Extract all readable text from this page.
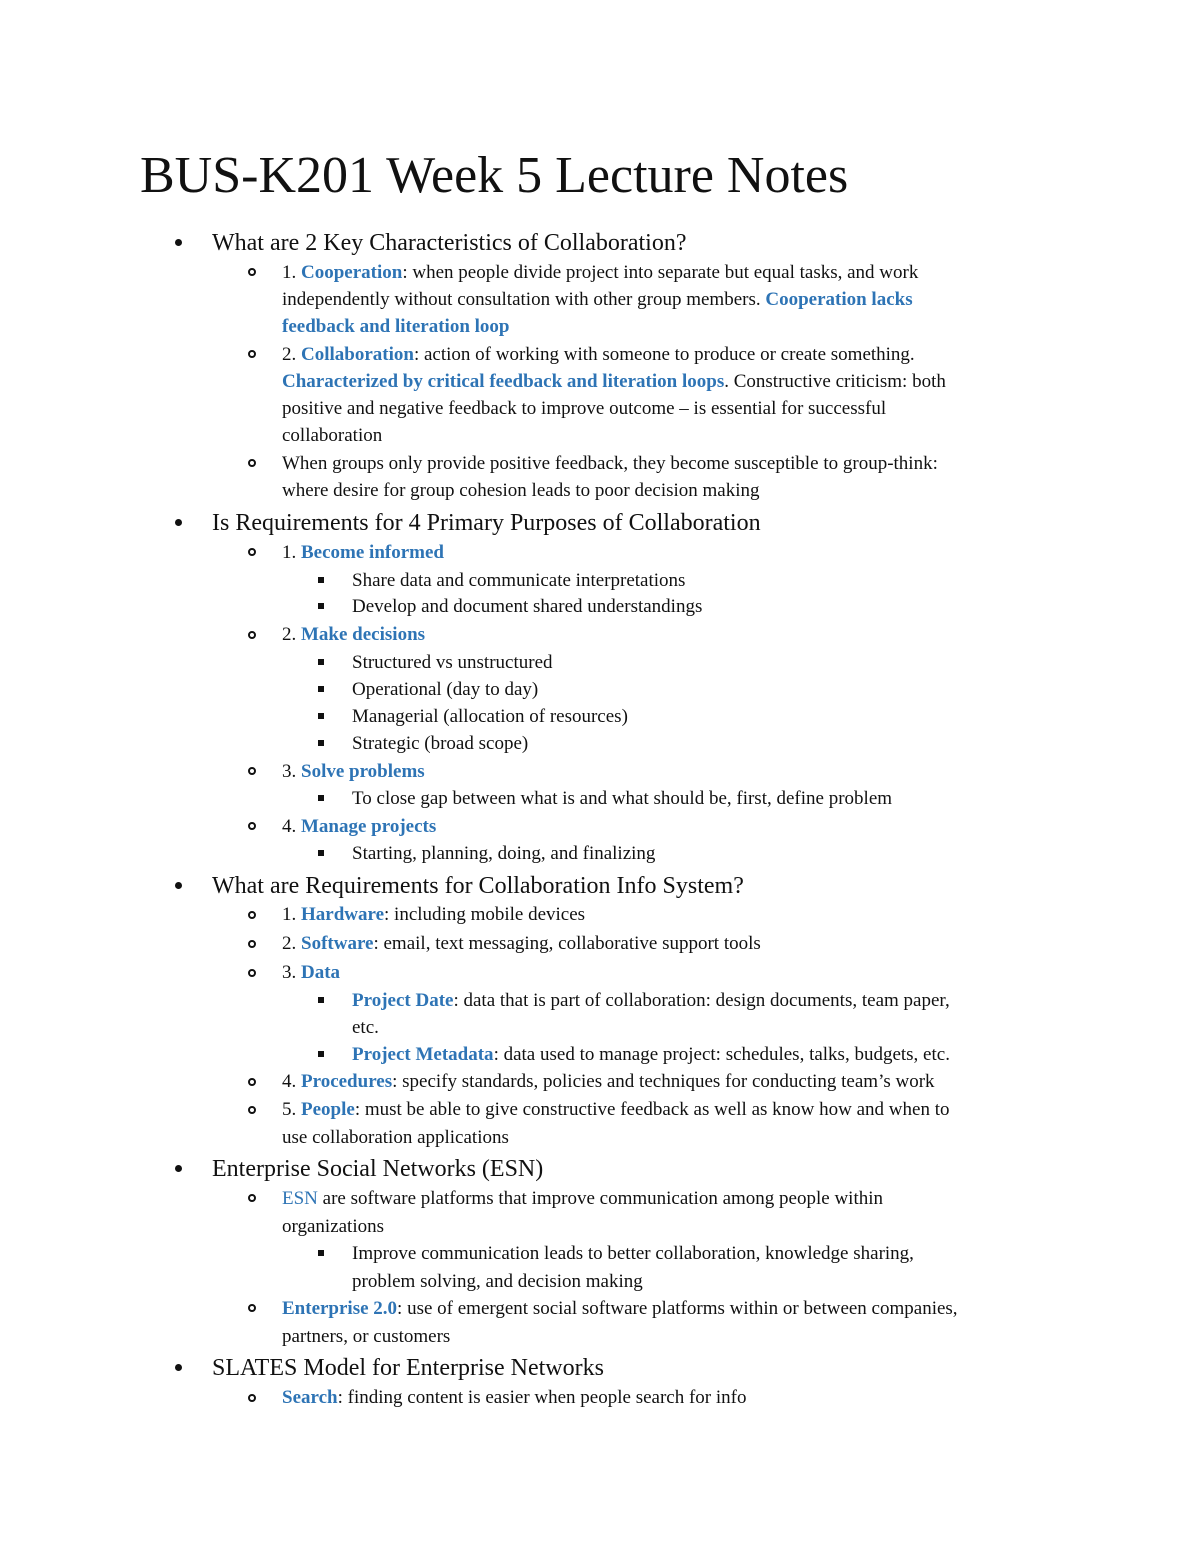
BUS-K201 Week 5 Lecture Notes
What are 2 Key Characteristics of Collaboration?
1. Cooperation: when people divide project into separate but equal tasks, and work
independently without consultation with other group members. Cooperation lacks
feedback and literation loop
2. Collaboration: action of working with someone to produce or create something.
Characterized by critical feedback and literation loops. Constructive criticism: both
positive and negative feedback to improve outcome – is essential for successful
collaboration
When groups only provide positive feedback, they become susceptible to group-think:
where desire for group cohesion leads to poor decision making
Is Requirements for 4 Primary Purposes of Collaboration
1. Become informed
Share data and communicate interpretations
Develop and document shared understandings
2. Make decisions
Structured vs unstructured
Operational (day to day)
Managerial (allocation of resources)
Strategic (broad scope)
3. Solve problems
To close gap between what is and what should be, first, define problem
4. Manage projects
Starting, planning, doing, and finalizing
What are Requirements for Collaboration Info System?
1. Hardware: including mobile devices
2. Software: email, text messaging, collaborative support tools
3. Data
Project Date: data that is part of collaboration: design documents, team paper,
etc.
Project Metadata: data used to manage project: schedules, talks, budgets, etc.
4. Procedures: specify standards, policies and techniques for conducting team’s work
5. People: must be able to give constructive feedback as well as know how and when to
use collaboration applications
Enterprise Social Networks (ESN)
ESN are software platforms that improve communication among people within
organizations
Improve communication leads to better collaboration, knowledge sharing,
problem solving, and decision making
Enterprise 2.0: use of emergent social software platforms within or between companies,
partners, or customers
SLATES Model for Enterprise Networks
Search: finding content is easier when people search for info
